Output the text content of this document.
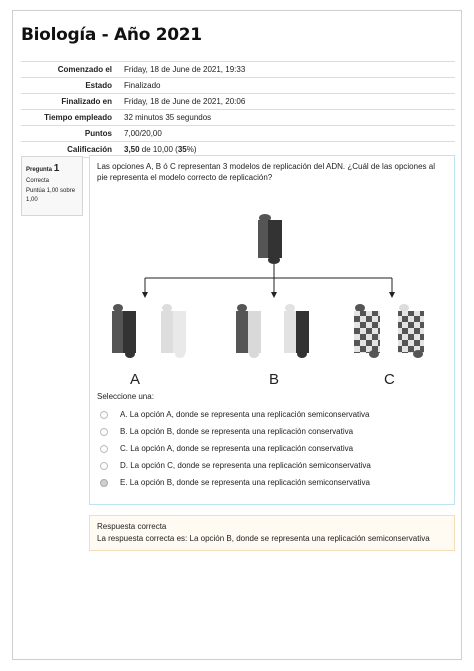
Biología - Año 2021
Comenzado el	Friday, 18 de June de 2021, 19:33
Estado	Finalizado
Finalizado en	Friday, 18 de June de 2021, 20:06
Tiempo empleado	32 minutos 35 segundos
Puntos	7,00/20,00
Calificación	3,50 de 10,00 (35%)
Pregunta 1
Correcta
Puntúa 1,00 sobre 1,00
Las opciones A, B ó C representan 3 modelos de replicación del ADN. ¿Cuál de las opciones al pie representa el modelo correcto de replicación?
A	B	C
Seleccione una:
A.
La opción A, donde se representa una replicación semiconservativa
B.
La opción B, donde se representa una replicación conservativa
C.
La opción A, donde se representa una replicación conservativa
D.
La opción C, donde se representa una replicación semiconservativa
E.
La opción B, donde se representa una replicación semiconservativa
Respuesta correcta
La respuesta correcta es: La opción B, donde se representa una replicación semiconservativa
